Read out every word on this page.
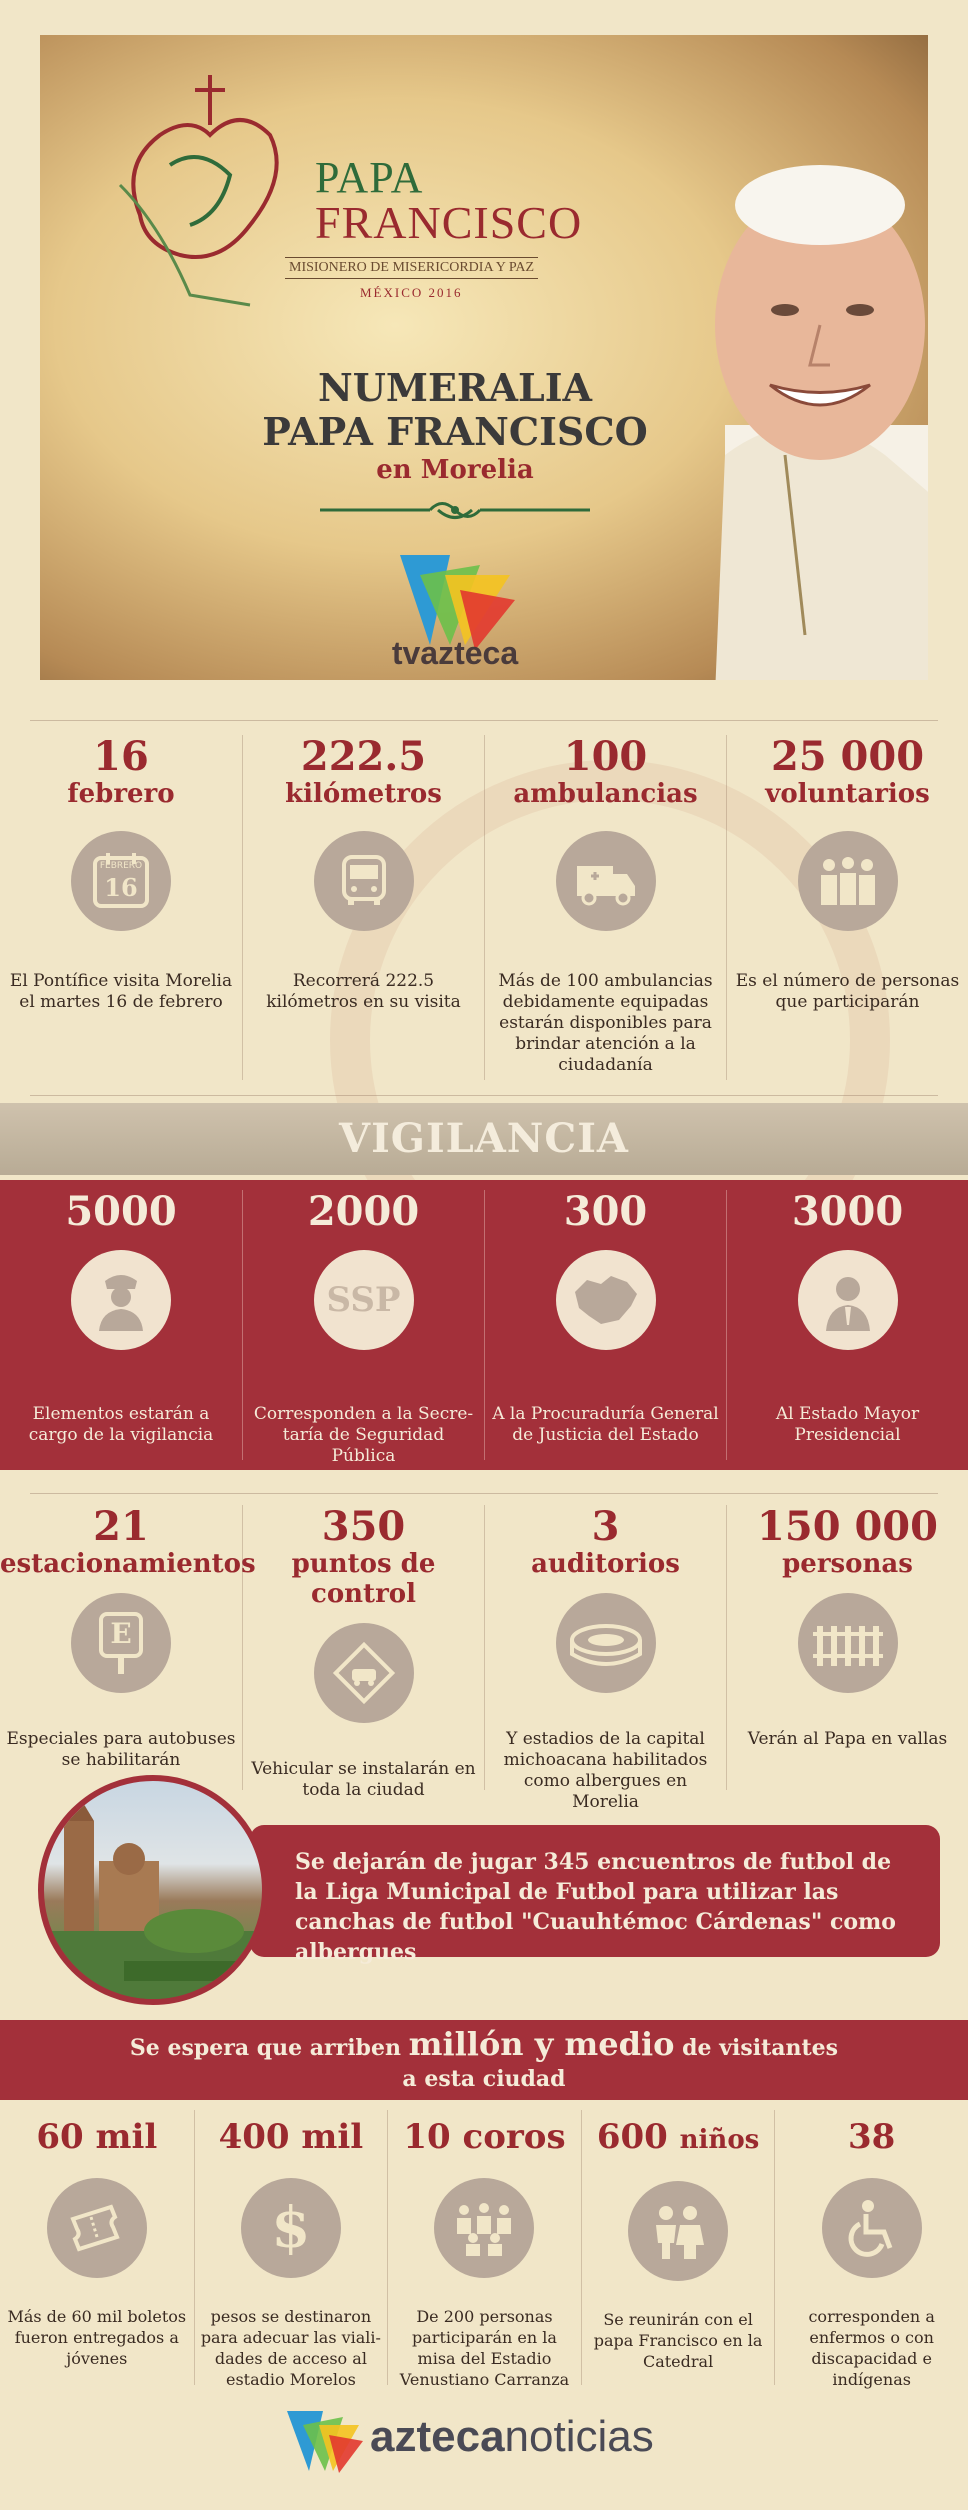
PAPA
FRANCISCO
MISIONERO DE MISERICORDIA Y PAZ
MÉXICO 2016
NUMERALIA
PAPA FRANCISCO
en Morelia
tvazteca
16
febrero
FEBRERO
16
El Pontífice visita Morelia el martes 16 de febrero
222.5
kilómetros
Recorrerá 222.5 kilómetros en su visita
100
ambulancias
Más de 100 ambulancias debidamente equipadas estarán disponibles para brindar atención a la ciudadanía
25 000
voluntarios
Es el número de personas que participarán
VIGILANCIA
5000
Elementos estarán a cargo de la vigilancia
2000
SSP
Corresponden a la Secre-taría de Seguridad Pública
300
A la Procuraduría General de Justicia del Estado
3000
Al Estado Mayor Presidencial
21
estacionamientos
E
Especiales para autobuses se habilitarán
350
puntos de control
Vehicular se instalarán en toda la ciudad
3
auditorios
Y estadios de la capital michoacana habilitados como albergues en Morelia
150 000
personas
Verán al Papa en vallas
Se dejarán de jugar 345 encuentros de futbol de la Liga Municipal de Futbol para utilizar las canchas de futbol "Cuauhtémoc Cárdenas" como albergues
Se espera que arriben millón y medio de visitantes
a esta ciudad
60 mil
Más de 60 mil boletos fueron entregados a jóvenes
400 mil
$
pesos se destinaron para adecuar las viali-dades de acceso al estadio Morelos
10 coros
De 200 personas participarán en la misa del Estadio Venustiano Carranza
600 niños
Se reunirán con el papa Francisco en la Catedral
38
corresponden a enfermos o con discapacidad e indígenas
aztecanoticias
